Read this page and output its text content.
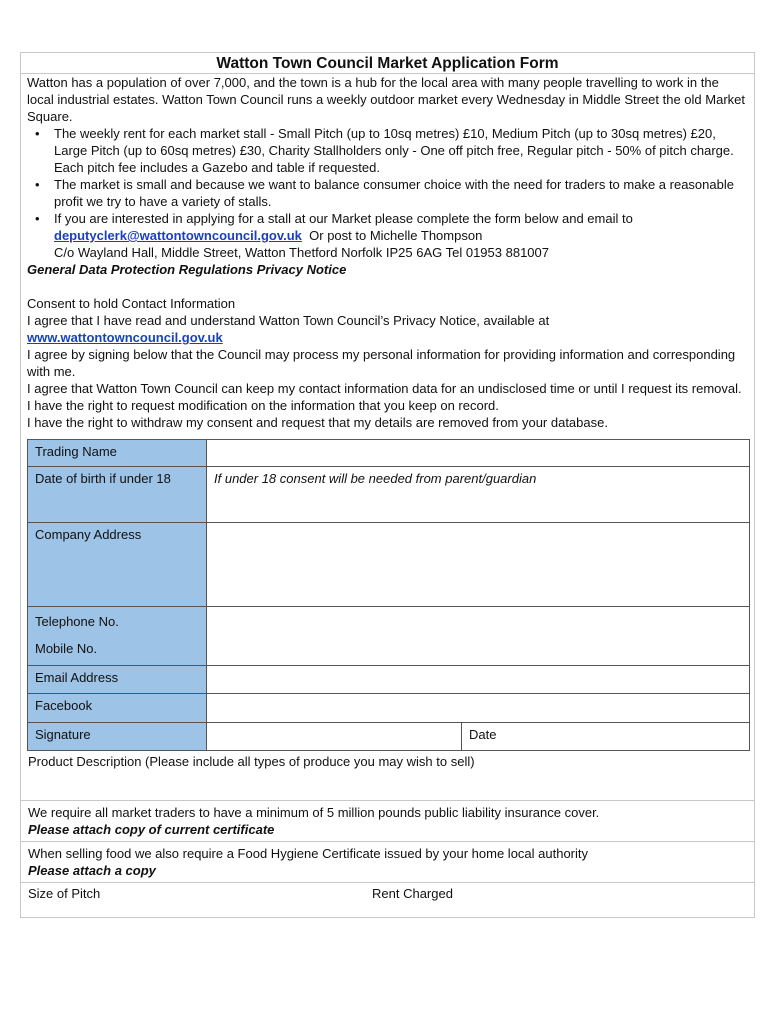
Watton Town Council Market Application Form

Watton has a population of over 7,000, and the town is a hub for the local area with many people travelling to work in the local industrial estates. Watton Town Council runs a weekly outdoor market every Wednesday in Middle Street the old Market Square.

• The weekly rent for each market stall - Small Pitch (up to 10sq metres) £10, Medium Pitch (up to 30sq metres) £20, Large Pitch (up to 60sq metres) £30, Charity Stallholders only - One off pitch free, Regular pitch - 50% of pitch charge. Each pitch fee includes a Gazebo and table if requested.
• The market is small and because we want to balance consumer choice with the need for traders to make a reasonable profit we try to have a variety of stalls.
• If you are interested in applying for a stall at our Market please complete the form below and email to deputyclerk@wattontowncouncil.gov.uk Or post to Michelle Thompson
C/o Wayland Hall, Middle Street, Watton Thetford Norfolk IP25 6AG Tel 01953 881007

General Data Protection Regulations Privacy Notice

Consent to hold Contact Information

I agree that I have read and understand Watton Town Council’s Privacy Notice, available at

www.wattontowncouncil.gov.uk

I agree by signing below that the Council may process my personal information for providing information and corresponding with me.

I agree that Watton Town Council can keep my contact information data for an undisclosed time or until I request its removal.

I have the right to request modification on the information that you keep on record.

I have the right to withdraw my consent and request that my details are removed from your database.

Trading Name		
Date of birth if under 18	If under 18 consent will be needed from parent/guardian	
Company Address		
Telephone No.
Mobile No.		
Email Address		
Facebook		
Signature		Date
Product Description (Please include all types of produce you may wish to sell)
We require all market traders to have a minimum of 5 million pounds public liability insurance cover.
Please attach copy of current certificate
When selling food we also require a Food Hygiene Certificate issued by your home local authority
Please attach a copy
Size of Pitch	Rent Charged
